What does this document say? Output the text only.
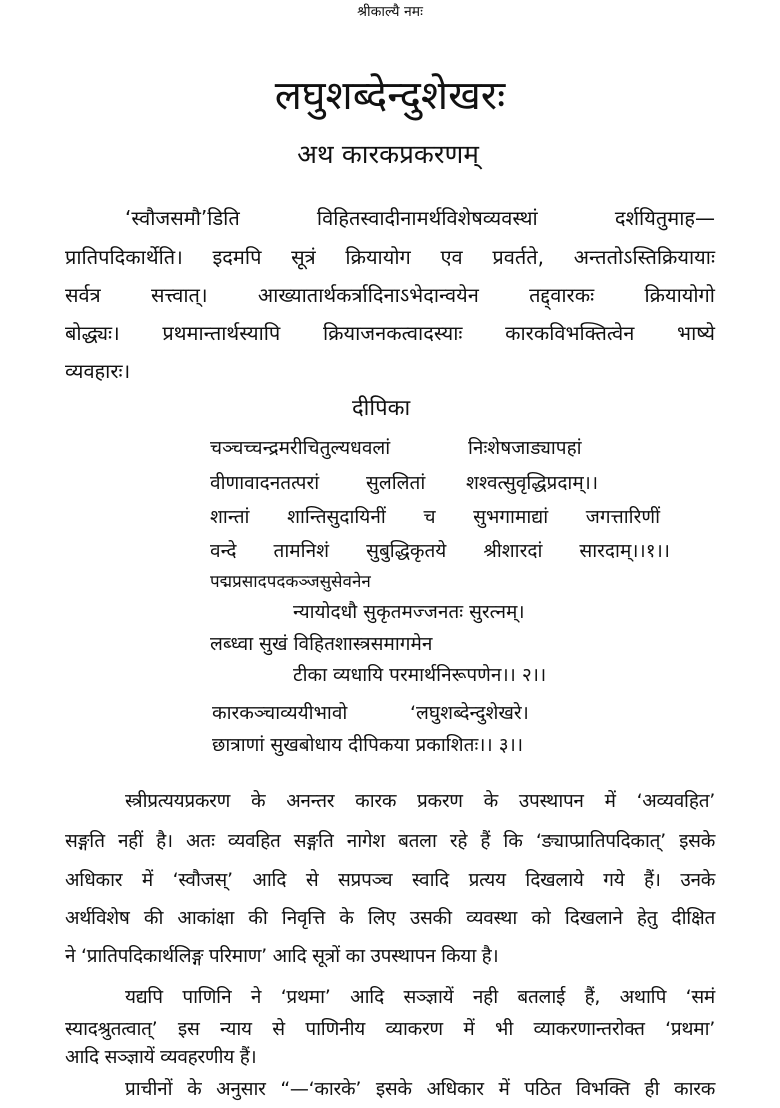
श्रीकाल्यै नमः
लघुशब्देन्दुशेखरः
अथ कारकप्रकरणम्
‘स्वौजसमौ’डिति विहितस्वादीनामर्थविशेषव्यवस्थां दर्शयितुमाह—
प्रातिपदिकार्थेति। इदमपि सूत्रं क्रियायोग एव प्रवर्तते, अन्ततोऽस्तिक्रियायाः
सर्वत्र सत्त्वात्। आख्यातार्थकर्त्रादिनाऽभेदान्वयेन तद्द्वारकः क्रियायोगो
बोद्ध्यः। प्रथमान्तार्थस्यापि क्रियाजनकत्वादस्याः कारकविभक्तित्वेन भाष्ये
व्यवहारः।
दीपिका
चञ्चच्चन्द्रमरीचितुल्यधवलां	निःशेषजाड्यापहां
वीणावादनतत्परां सुललितां शश्वत्सुवृद्धिप्रदाम्।।
शान्तां शान्तिसुदायिनीं च सुभगामाद्यां जगत्तारिणीं
वन्दे तामनिशं सुबुद्धिकृतये श्रीशारदां सारदाम्।।१।।
पद्मप्रसादपदकञ्जसुसेवनेन
न्यायोदधौ सुकृतमज्जनतः सुरत्नम्।
लब्ध्वा सुखं विहितशास्त्रसमागमेन
टीका व्यधायि परमार्थनिरूपणेन।। २।।
कारकञ्चाव्ययीभावो	‘लघुशब्देन्दुशेखरे।
छात्राणां सुखबोधाय दीपिकया प्रकाशितः।। ३।।
स्त्रीप्रत्ययप्रकरण के अनन्तर कारक प्रकरण के उपस्थापन में ‘अव्यवहित’
सङ्गति नहीं है। अतः व्यवहित सङ्गति नागेश बतला रहे हैं कि ‘ङ्याप्प्रातिपदिकात्’ इसके
अधिकार में ‘स्वौजस्’ आदि से सप्रपञ्च स्वादि प्रत्यय दिखलाये गये हैं। उनके
अर्थविशेष की आकांक्षा की निवृत्ति के लिए उसकी व्यवस्था को दिखलाने हेतु दीक्षित
ने ‘प्रातिपदिकार्थलिङ्ग परिमाण’ आदि सूत्रों का उपस्थापन किया है।
यद्यपि पाणिनि ने ‘प्रथमा’ आदि सञ्ज्ञायें नही बतलाई हैं, अथापि ‘समं
स्यादश्रुतत्वात्’ इस न्याय से पाणिनीय व्याकरण में भी व्याकरणान्तरोक्त ‘प्रथमा’
आदि सञ्ज्ञायें व्यवहरणीय हैं।
प्राचीनों के अनुसार “—‘कारके’ इसके अधिकार में पठित विभक्ति ही कारक
